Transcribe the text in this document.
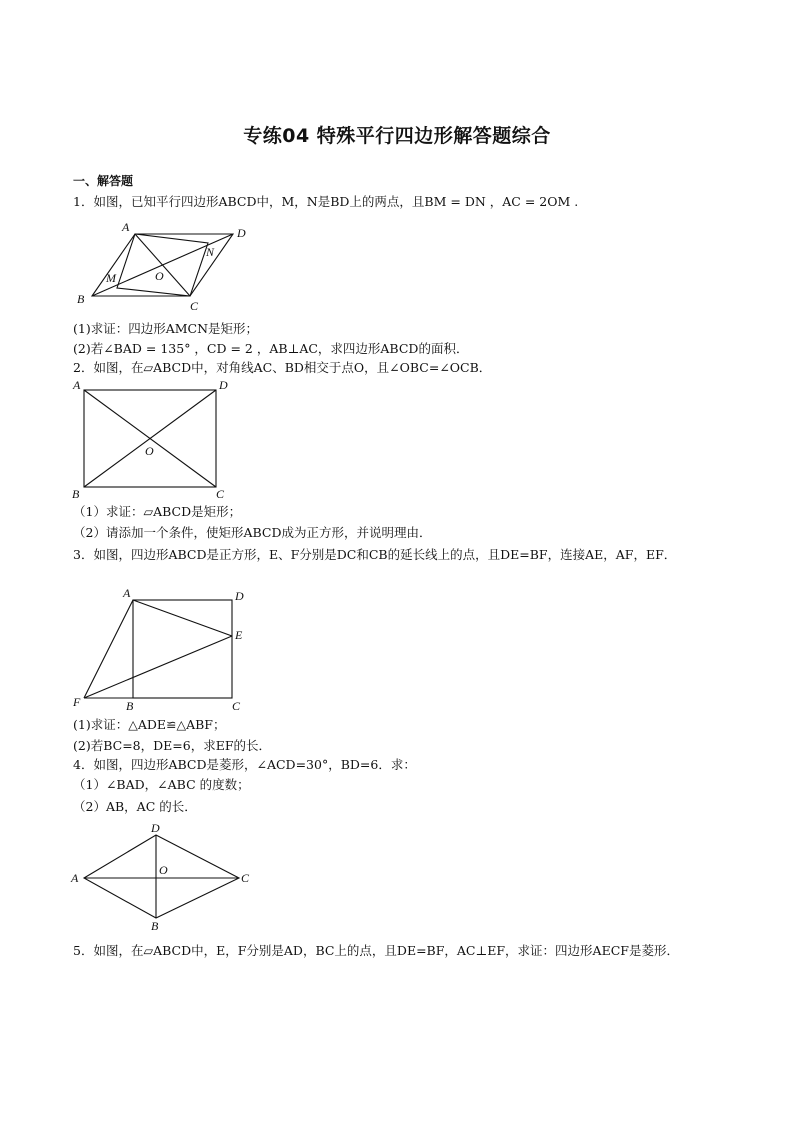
专练04 特殊平行四边形解答题综合
一、解答题
1．如图，已知平行四边形ABCD中，M，N是BD上的两点，且BM = DN ，AC = 2OM .
A	D
B	C
M
N
O
(1)求证：四边形AMCN是矩形；
(2)若∠BAD = 135° ，CD = 2 ，AB⊥AC，求四边形ABCD的面积．
2．如图，在▱ABCD中，对角线AC、BD相交于点O，且∠OBC=∠OCB．
A	D
B	C
O
（1）求证：▱ABCD是矩形；
（2）请添加一个条件，使矩形ABCD成为正方形，并说明理由．
3．如图，四边形ABCD是正方形，E、F分别是DC和CB的延长线上的点，且DE=BF，连接AE，AF，EF．
A	D
E
F	B	C
(1)求证：△ADE≌△ABF；
(2)若BC=8，DE=6，求EF的长．
4．如图，四边形ABCD是菱形，∠ACD=30°，BD=6．求：
（1）∠BAD，∠ABC 的度数；
（2）AB，AC 的长．
D
A	C
B
O
5．如图，在▱ABCD中，E，F分别是AD，BC上的点，且DE=BF，AC⊥EF，求证：四边形AECF是菱形．
